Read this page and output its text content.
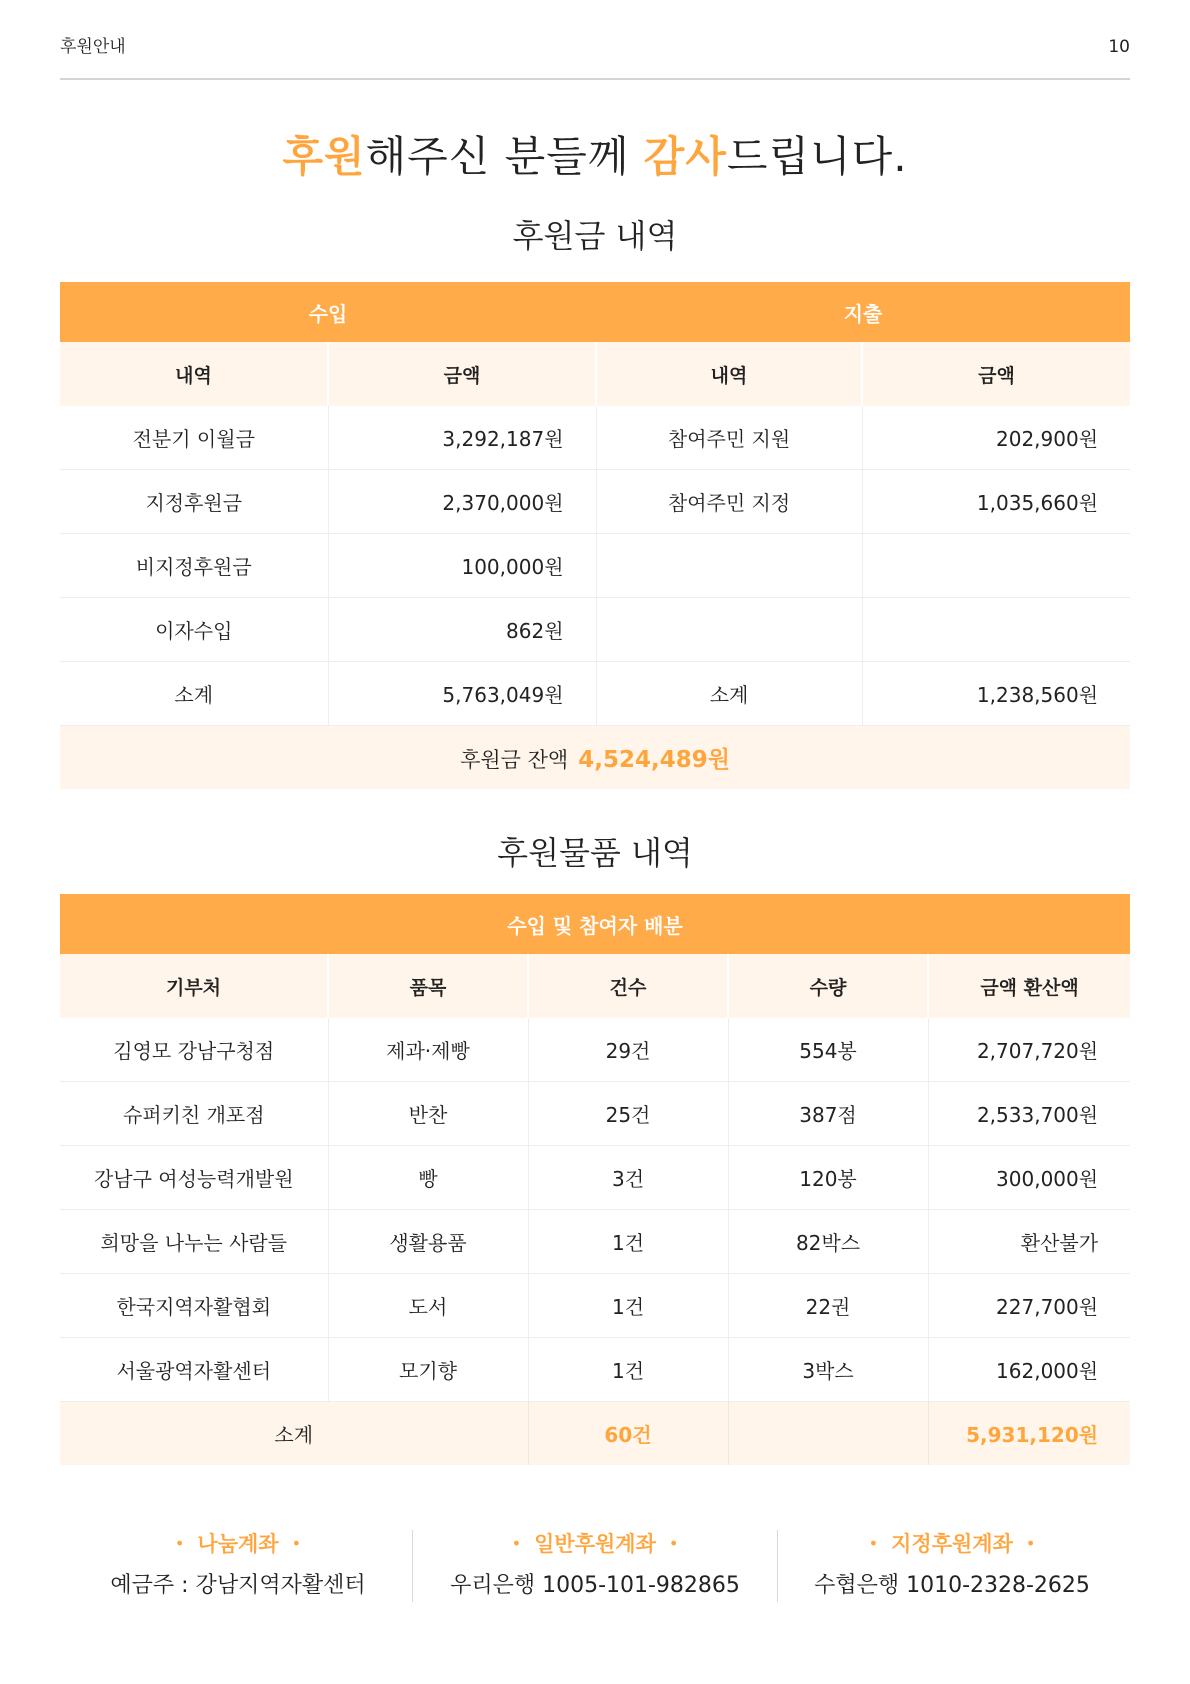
후원안내	10
후원해주신 분들께 감사드립니다.
후원금 내역
수입		지출	
내역	금액	내역	금액
전분기 이월금	3,292,187원	참여주민 지원	202,900원
지정후원금	2,370,000원	참여주민 지정	1,035,660원
비지정후원금	100,000원		
이자수입	862원		
소계	5,763,049원	소계	1,238,560원
후원금 잔액 4,524,489원			
후원물품 내역
수입 및 참여자 배분				
기부처	품목	건수	수량	금액 환산액
김영모 강남구청점	제과·제빵	29건	554봉	2,707,720원
슈퍼키친 개포점	반찬	25건	387점	2,533,700원
강남구 여성능력개발원	빵	3건	120봉	300,000원
희망을 나누는 사람들	생활용품	1건	82박스	환산불가
한국지역자활협회	도서	1건	22권	227,700원
서울광역자활센터	모기향	1건	3박스	162,000원
소계		60건		5,931,120원
・ 나눔계좌 ・
예금주 : 강남지역자활센터
・ 일반후원계좌 ・
우리은행 1005-101-982865
・ 지정후원계좌 ・
수협은행 1010-2328-2625
